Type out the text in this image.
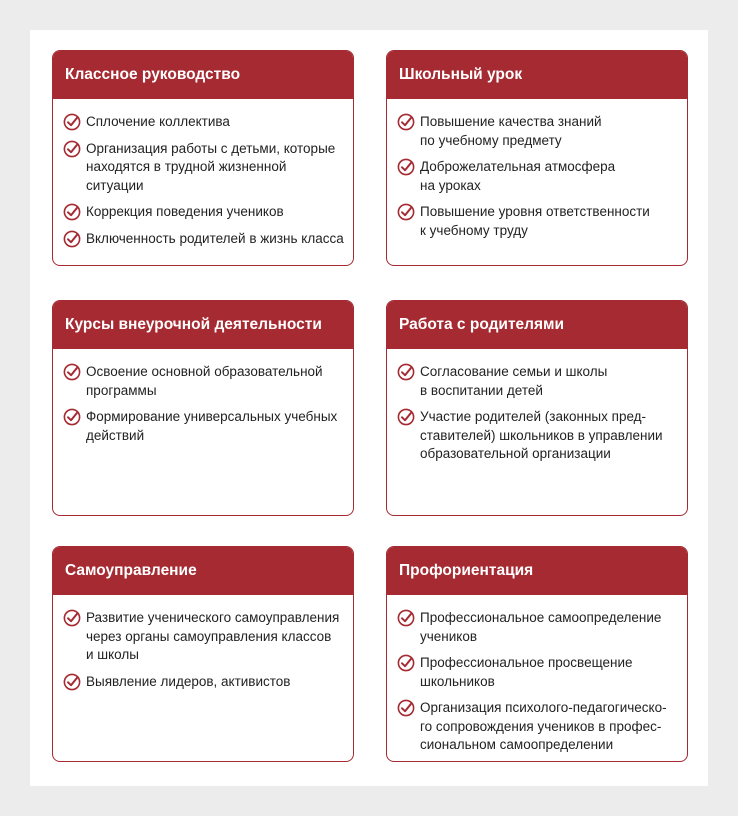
Классное руководство
Сплочение коллектива
Организация работы с детьми, которые
находятся в трудной жизненной
ситуации
Коррекция поведения учеников
Включенность родителей в жизнь класса
Школьный урок
Повышение качества знаний
по учебному предмету
Доброжелательная атмосфера
на уроках
Повышение уровня ответственности
к учебному труду
Курсы внеурочной деятельности
Освоение основной образовательной
программы
Формирование универсальных учебных
действий
Работа с родителями
Согласование семьи и школы
в воспитании детей
Участие родителей (законных пред-
ставителей) школьников в управлении
образовательной организации
Самоуправление
Развитие ученического самоуправления
через органы самоуправления классов
и школы
Выявление лидеров, активистов
Профориентация
Профессиональное самоопределение
учеников
Профессиональное просвещение
школьников
Организация психолого-педагогическо-
го сопровождения учеников в профес-
сиональном самоопределении
